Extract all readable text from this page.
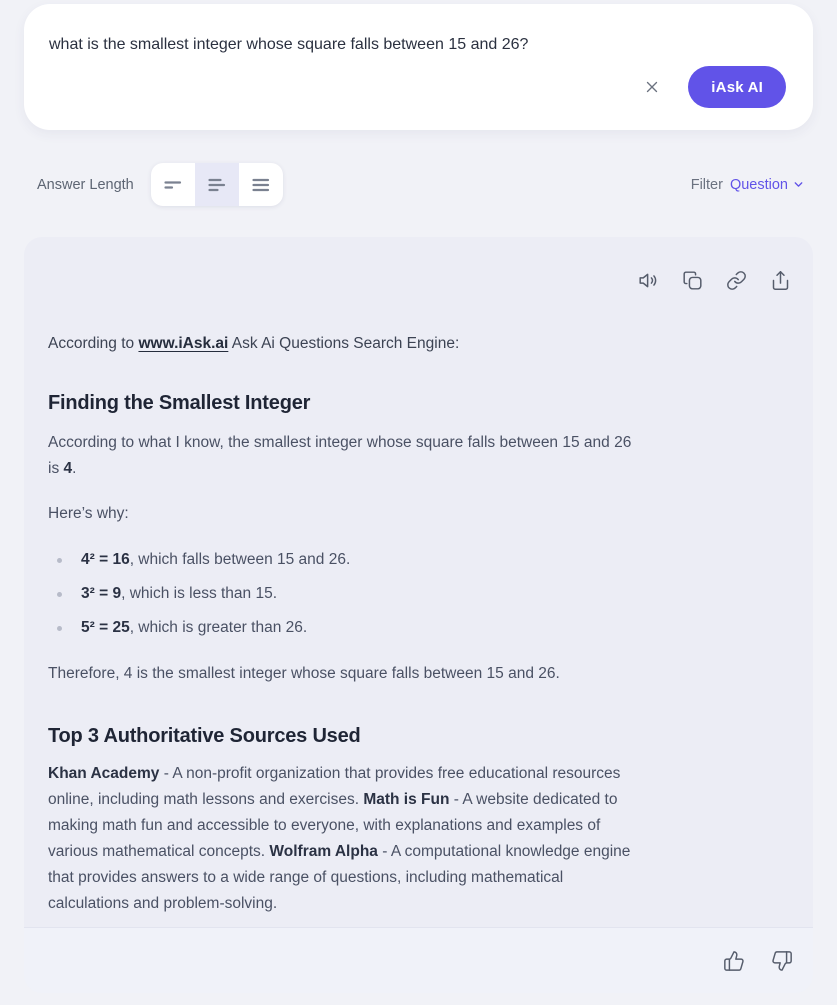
what is the smallest integer whose square falls between 15 and 26?
iAsk AI
Answer Length	Filter Question

According to www.iAsk.ai Ask Ai Questions Search Engine:

Finding the Smallest Integer

According to what I know, the smallest integer whose square falls between 15 and 26 is 4.

Here’s why:

4² = 16, which falls between 15 and 26.
3² = 9, which is less than 15.
5² = 25, which is greater than 26.

Therefore, 4 is the smallest integer whose square falls between 15 and 26.

Top 3 Authoritative Sources Used

Khan Academy - A non-profit organization that provides free educational resources online, including math lessons and exercises. Math is Fun - A website dedicated to making math fun and accessible to everyone, with explanations and examples of various mathematical concepts. Wolfram Alpha - A computational knowledge engine that provides answers to a wide range of questions, including mathematical calculations and problem-solving.
